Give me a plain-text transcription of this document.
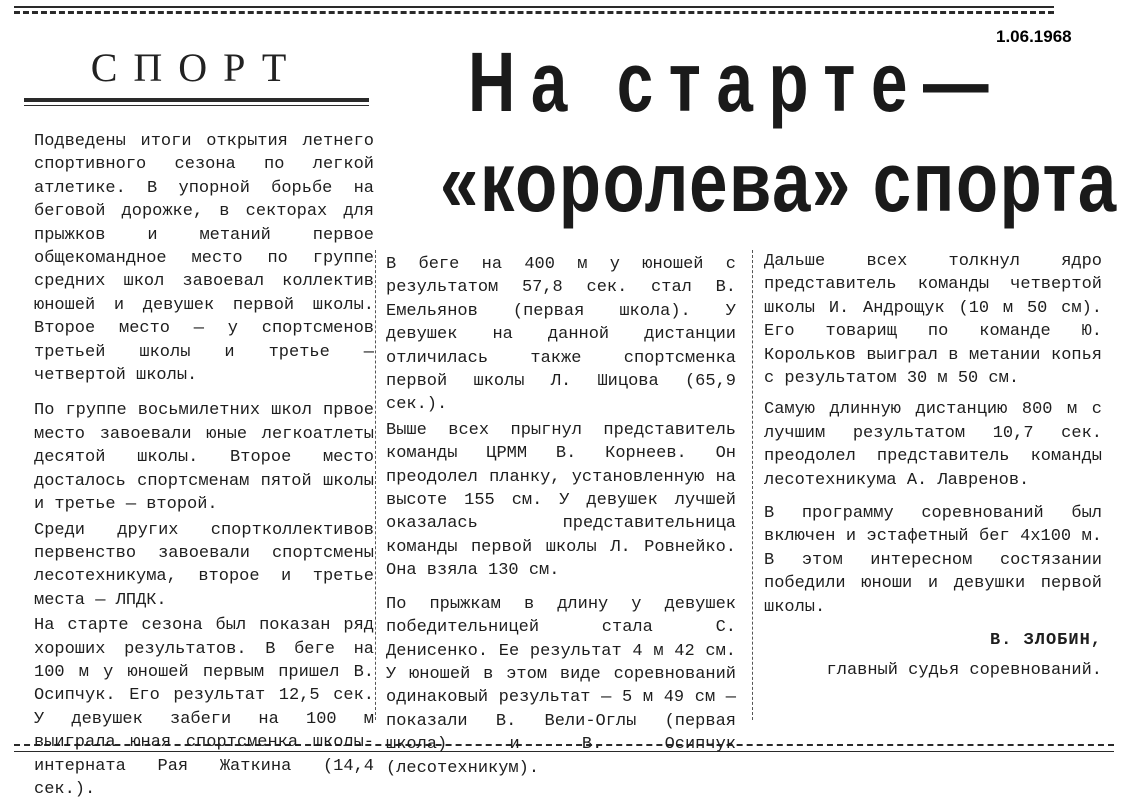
1.06.1968
СПОРТ	На старте—
«королева» спорта

Подведены итоги открытия летнего спортивного сезона по легкой атлетике. В упорной борьбе на беговой дорожке, в секторах для прыжков и метаний первое общекомандное место по группе средних школ завоевал коллектив юношей и девушек первой школы. Второе место — у спортсменов третьей школы и третье — четвертой школы.

По группе восьмилетних школ првое место завоевали юные легкоатлеты десятой школы. Второе место досталось спортсменам пятой школы и третье — второй.

Среди других спортколлективов первенство завоевали спортсмены лесотехникума, второе и третье места — ЛПДК.

На старте сезона был показан ряд хороших результатов. В беге на 100 м у юношей первым пришел В. Осипчук. Его результат 12,5 сек. У девушек забеги на 100 м выиграла юная спортсменка школы-интерната Рая Жаткина (14,4 сек.).

В беге на 400 м у юношей с результатом 57,8 сек. стал В. Емельянов (первая школа). У девушек на данной дистанции отличилась также спортсменка первой школы Л. Шицова (65,9 сек.).

Выше всех прыгнул представитель команды ЦРММ В. Корнеев. Он преодолел планку, установленную на высоте 155 см. У девушек лучшей оказалась представительница команды первой школы Л. Ровнейко. Она взяла 130 см.

По прыжкам в длину у девушек победительницей стала С. Денисенко. Ее результат 4 м 42 см. У юношей в этом виде соревнований одинаковый результат — 5 м 49 см — показали В. Вели-Оглы (первая школа) и В. Осипчук (лесотехникум).

Дальше всех толкнул ядро представитель команды четвертой школы И. Андрощук (10 м 50 см). Его товарищ по команде Ю. Корольков выиграл в метании копья с результатом 30 м 50 см.

Самую длинную дистанцию 800 м с лучшим результатом 10,7 сек. преодолел представитель команды лесотехникума А. Лавренов.

В программу соревнований был включен и эстафетный бег 4x100 м. В этом интересном состязании победили юноши и девушки первой школы.

В. ЗЛОБИН,

главный судья соревнований.
